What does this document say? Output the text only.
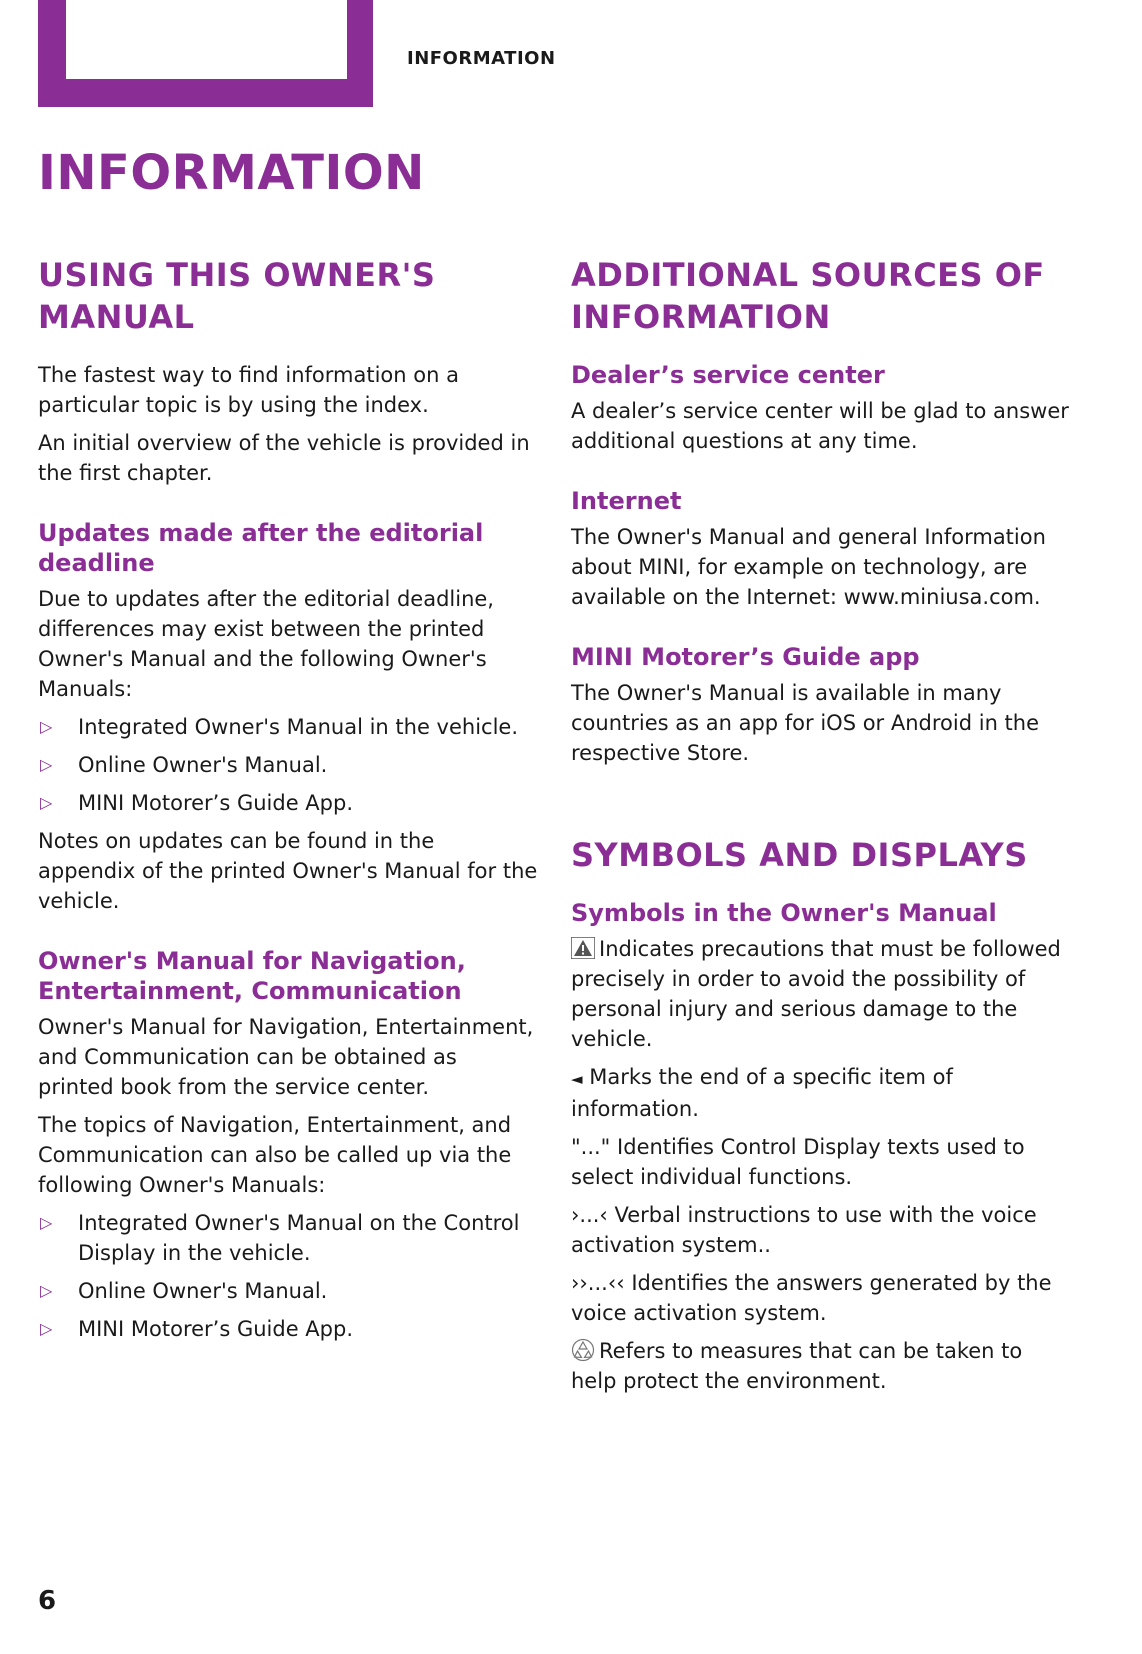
INFORMATION
INFORMATION
USING THIS OWNER'S MANUAL

The fastest way to find information on a particular topic is by using the index.

An initial overview of the vehicle is provided in the first chapter.

Updates made after the editorial deadline

Due to updates after the editorial deadline, differences may exist between the printed Owner's Manual and the following Owner's Manuals:

▷ Integrated Owner's Manual in the vehicle.
▷ Online Owner's Manual.
▷ MINI Motorer’s Guide App.

Notes on updates can be found in the appendix of the printed Owner's Manual for the vehicle.

Owner's Manual for Navigation, Entertainment, Communication

Owner's Manual for Navigation, Entertainment, and Communication can be obtained as printed book from the service center.

The topics of Navigation, Entertainment, and Communication can also be called up via the following Owner's Manuals:

▷ Integrated Owner's Manual on the Control Display in the vehicle.
▷ Online Owner's Manual.
▷ MINI Motorer’s Guide App.
ADDITIONAL SOURCES OF INFORMATION
Dealer’s service center

A dealer’s service center will be glad to answer additional questions at any time.

Internet

The Owner's Manual and general Information about MINI, for example on technology, are available on the Internet: www.miniusa.com.

MINI Motorer’s Guide app

The Owner's Manual is available in many countries as an app for iOS or Android in the respective Store.

SYMBOLS AND DISPLAYS
Symbols in the Owner's Manual

Indicates precautions that must be followed precisely in order to avoid the possibility of personal injury and serious damage to the vehicle.

◄ Marks the end of a specific item of information.

"..." Identifies Control Display texts used to select individual functions.

›...‹ Verbal instructions to use with the voice activation system..

››...‹‹ Identifies the answers generated by the voice activation system.

Refers to measures that can be taken to help protect the environment.

6
